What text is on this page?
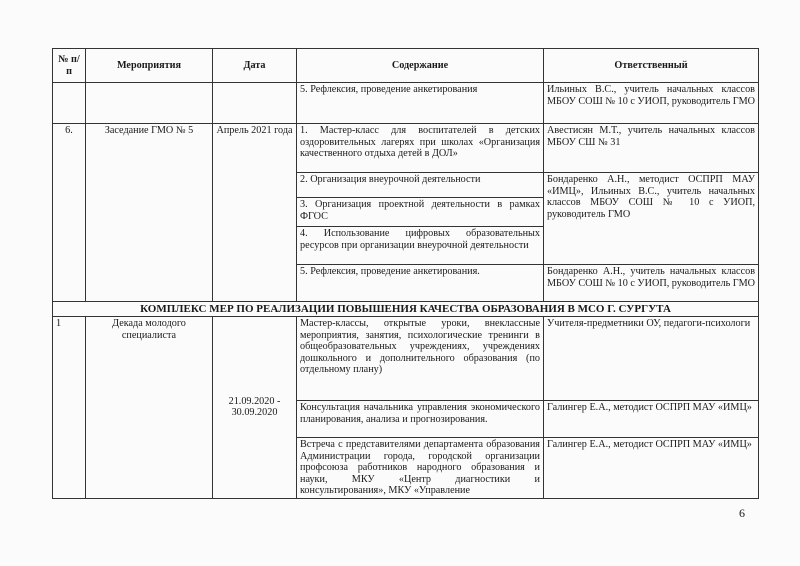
№ п/п	Мероприятия	Дата	Содержание	Ответственный
			5. Рефлексия, проведение анкетирования	Ильиных В.С., учитель начальных классов МБОУ СОШ № 10 с УИОП, руководитель ГМО
6.	Заседание ГМО № 5	Апрель 2021 года	1. Мастер-класс для воспитателей в детских оздоровительных лагерях при школах «Организация качественного отдыха детей в ДОЛ»	Авестисян М.Т., учитель начальных классов МБОУ СШ № 31
			2. Организация внеурочной деятельности	Бондаренко А.Н., методист ОСПРП МАУ «ИМЦ», Ильиных В.С., учитель начальных классов МБОУ СОШ № 10 с УИОП, руководитель ГМО
			3. Организация проектной деятельности в рамках ФГОС	
			4. Использование цифровых образовательных ресурсов при организации внеурочной деятельности	
			5. Рефлексия, проведение анкетирования.	Бондаренко А.Н., учитель начальных классов МБОУ СОШ № 10 с УИОП, руководитель ГМО
КОМПЛЕКС МЕР ПО РЕАЛИЗАЦИИ ПОВЫШЕНИЯ КАЧЕСТВА ОБРАЗОВАНИЯ В МСО Г. СУРГУТА				
1	Декада молодого специалиста	21.09.2020 - 30.09.2020	Мастер-классы, открытые уроки, внеклассные мероприятия, занятия, психологические тренинги в общеобразовательных учреждениях, учреждениях дошкольного и дополнительного образования (по отдельному плану)	Учителя-предметники ОУ, педагоги-психологи
			Консультация начальника управления экономического планирования, анализа и прогнозирования.	Галингер Е.А., методист ОСПРП МАУ «ИМЦ»
			Встреча с представителями департамента образования Администрации города, городской организации профсоюза работников народного образования и науки, МКУ «Центр диагностики и консультирования», МКУ «Управление	Галингер Е.А., методист ОСПРП МАУ «ИМЦ»
6
